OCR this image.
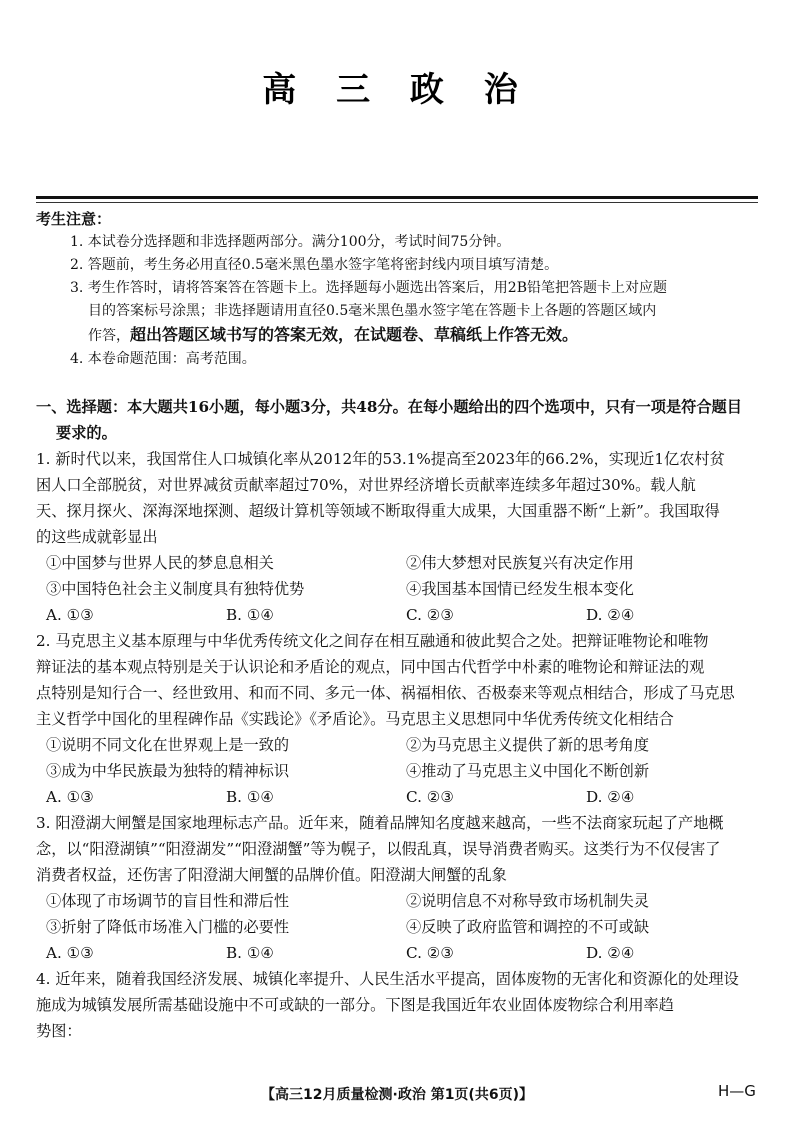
高 三 政 治
考生注意：
1. 本试卷分选择题和非选择题两部分。满分100分，考试时间75分钟。
2. 答题前，考生务必用直径0.5毫米黑色墨水签字笔将密封线内项目填写清楚。
3. 考生作答时，请将答案答在答题卡上。选择题每小题选出答案后，用2B铅笔把答题卡上对应题
目的答案标号涂黑；非选择题请用直径0.5毫米黑色墨水签字笔在答题卡上各题的答题区域内
作答，超出答题区域书写的答案无效，在试题卷、草稿纸上作答无效。
4. 本卷命题范围：高考范围。
一、选择题：本大题共16小题，每小题3分，共48分。在每小题给出的四个选项中，只有一项是符合题目
要求的。
1. 新时代以来，我国常住人口城镇化率从2012年的53.1%提高至2023年的66.2%，实现近1亿农村贫
困人口全部脱贫，对世界减贫贡献率超过70%，对世界经济增长贡献率连续多年超过30%。载人航
天、探月探火、深海深地探测、超级计算机等领域不断取得重大成果，大国重器不断“上新”。我国取得
的这些成就彰显出
①中国梦与世界人民的梦息息相关	②伟大梦想对民族复兴有决定作用
③中国特色社会主义制度具有独特优势	④我国基本国情已经发生根本变化
A. ①③	B. ①④	C. ②③	D. ②④
2. 马克思主义基本原理与中华优秀传统文化之间存在相互融通和彼此契合之处。把辩证唯物论和唯物
辩证法的基本观点特别是关于认识论和矛盾论的观点，同中国古代哲学中朴素的唯物论和辩证法的观
点特别是知行合一、经世致用、和而不同、多元一体、祸福相依、否极泰来等观点相结合，形成了马克思
主义哲学中国化的里程碑作品《实践论》《矛盾论》。马克思主义思想同中华优秀传统文化相结合
①说明不同文化在世界观上是一致的	②为马克思主义提供了新的思考角度
③成为中华民族最为独特的精神标识	④推动了马克思主义中国化不断创新
A. ①③	B. ①④	C. ②③	D. ②④
3. 阳澄湖大闸蟹是国家地理标志产品。近年来，随着品牌知名度越来越高，一些不法商家玩起了产地概
念，以“阳澄湖镇”“阳澄湖发”“阳澄湖蟹”等为幌子，以假乱真，误导消费者购买。这类行为不仅侵害了
消费者权益，还伤害了阳澄湖大闸蟹的品牌价值。阳澄湖大闸蟹的乱象
①体现了市场调节的盲目性和滞后性	②说明信息不对称导致市场机制失灵
③折射了降低市场准入门槛的必要性	④反映了政府监管和调控的不可或缺
A. ①③	B. ①④	C. ②③	D. ②④
4. 近年来，随着我国经济发展、城镇化率提升、人民生活水平提高，固体废物的无害化和资源化的处理设
施成为城镇发展所需基础设施中不可或缺的一部分。下图是我国近年农业固体废物综合利用率趋
势图：
【高三12月质量检测·政治 第1页(共6页)】	H—G
